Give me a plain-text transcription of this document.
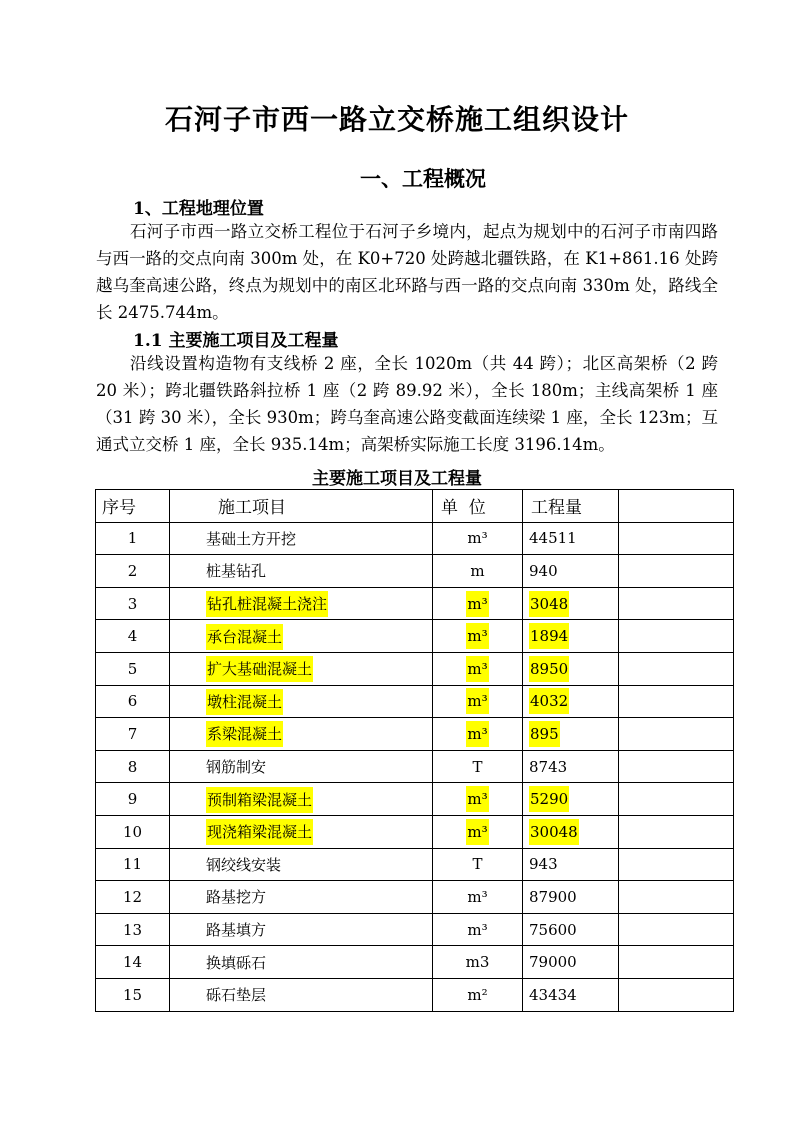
石河子市西一路立交桥施工组织设计
一、工程概况
1、工程地理位置

石河子市西一路立交桥工程位于石河子乡境内，起点为规划中的石河子市南四路与西一路的交点向南 300m 处，在 K0+720 处跨越北疆铁路，在 K1+861.16 处跨越乌奎高速公路，终点为规划中的南区北环路与西一路的交点向南 330m 处，路线全长 2475.744m。

1.1 主要施工项目及工程量

沿线设置构造物有支线桥 2 座，全长 1020m（共 44 跨）；北区高架桥（2 跨 20 米）；跨北疆铁路斜拉桥 1 座（2 跨 89.92 米），全长 180m；主线高架桥 1 座（31 跨 30 米），全长 930m；跨乌奎高速公路变截面连续梁 1 座，全长 123m；互通式立交桥 1 座，全长 935.14m；高架桥实际施工长度 3196.14m。

主要施工项目及工程量
序号	施工项目	单  位	工程量	
1	基础土方开挖	m³	44511	
2	桩基钻孔	m	940	
3	钻孔桩混凝土浇注	m³	3048	
4	承台混凝土	m³	1894	
5	扩大基础混凝土	m³	8950	
6	墩柱混凝土	m³	4032	
7	系梁混凝土	m³	895	
8	钢筋制安	T	8743	
9	预制箱梁混凝土	m³	5290	
10	现浇箱梁混凝土	m³	30048	
11	钢绞线安装	T	943	
12	路基挖方	m³	87900	
13	路基填方	m³	75600	
14	换填砾石	m3	79000	
15	砾石垫层	m²	43434	
